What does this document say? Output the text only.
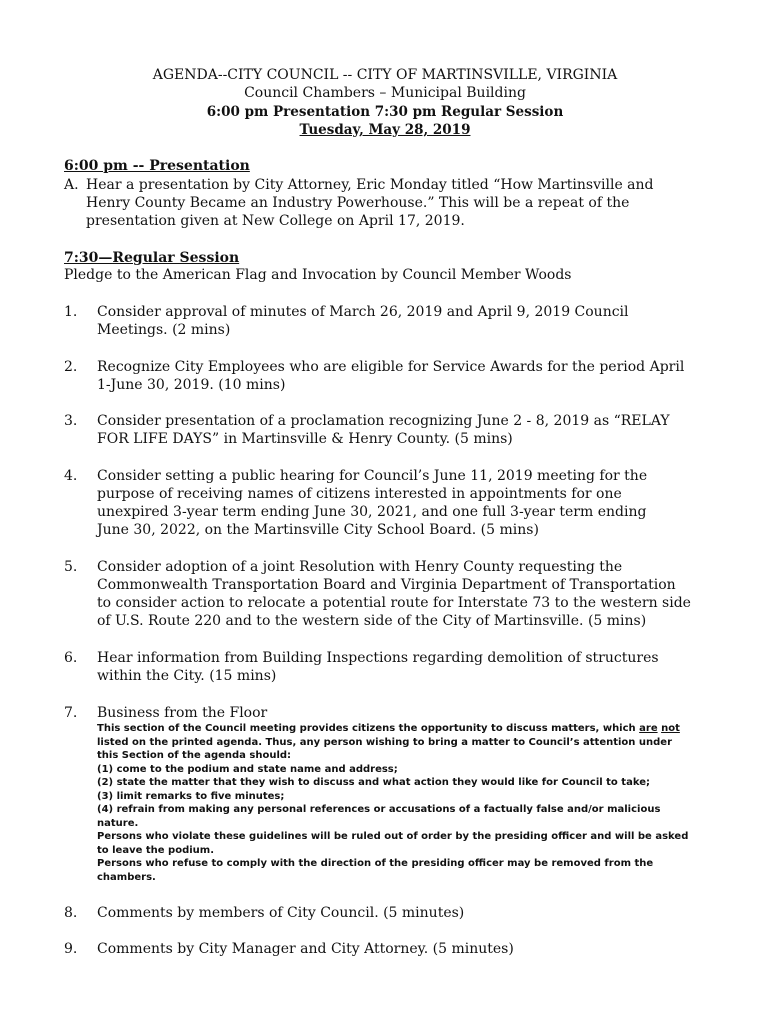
AGENDA--CITY COUNCIL -- CITY OF MARTINSVILLE, VIRGINIA
Council Chambers – Municipal Building
6:00 pm Presentation 7:30 pm Regular Session
Tuesday, May 28, 2019
6:00 pm -- Presentation
A. Hear a presentation by City Attorney, Eric Monday titled “How Martinsville and
Henry County Became an Industry Powerhouse.” This will be a repeat of the
presentation given at New College on April 17, 2019.
7:30—Regular Session
Pledge to the American Flag and Invocation by Council Member Woods
1. Consider approval of minutes of March 26, 2019 and April 9, 2019 Council
Meetings. (2 mins)
2. Recognize City Employees who are eligible for Service Awards for the period April
1-June 30, 2019. (10 mins)
3. Consider presentation of a proclamation recognizing June 2 - 8, 2019 as “RELAY
FOR LIFE DAYS” in Martinsville & Henry County. (5 mins)
4. Consider setting a public hearing for Council’s June 11, 2019 meeting for the
purpose of receiving names of citizens interested in appointments for one
unexpired 3-year term ending June 30, 2021, and one full 3-year term ending
June 30, 2022, on the Martinsville City School Board. (5 mins)
5. Consider adoption of a joint Resolution with Henry County requesting the
Commonwealth Transportation Board and Virginia Department of Transportation
to consider action to relocate a potential route for Interstate 73 to the western side
of U.S. Route 220 and to the western side of the City of Martinsville. (5 mins)
6. Hear information from Building Inspections regarding demolition of structures
within the City. (15 mins)
7. Business from the Floor
This section of the Council meeting provides citizens the opportunity to discuss matters, which are not
listed on the printed agenda. Thus, any person wishing to bring a matter to Council’s attention under
this Section of the agenda should:
(1) come to the podium and state name and address;
(2) state the matter that they wish to discuss and what action they would like for Council to take;
(3) limit remarks to five minutes;
(4) refrain from making any personal references or accusations of a factually false and/or malicious
nature.
Persons who violate these guidelines will be ruled out of order by the presiding officer and will be asked
to leave the podium.
Persons who refuse to comply with the direction of the presiding officer may be removed from the
chambers.
8. Comments by members of City Council. (5 minutes)
9. Comments by City Manager and City Attorney. (5 minutes)
